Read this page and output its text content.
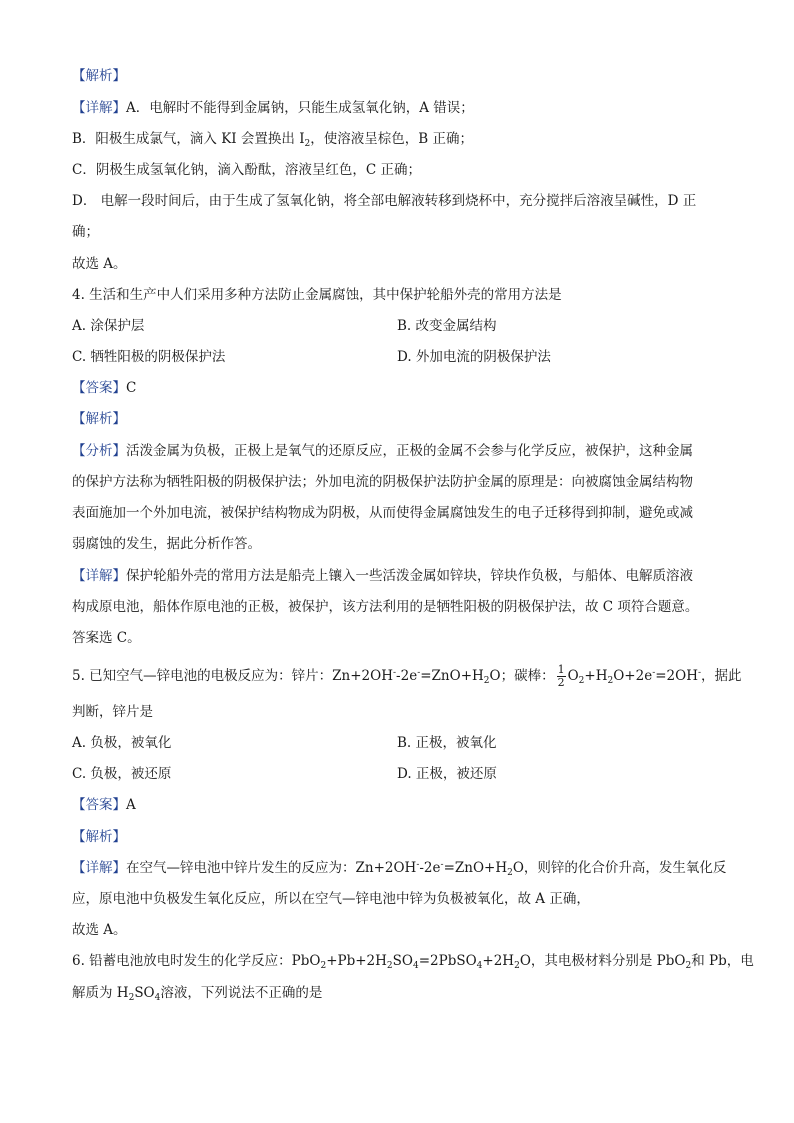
【解析】
【详解】A．电解时不能得到金属钠，只能生成氢氧化钠，A 错误；
B．阳极生成氯气，滴入 KI 会置换出 $I_2$，使溶液呈棕色，B 正确；
C．阴极生成氢氧化钠，滴入酚酞，溶液呈红色，C 正确；
D． 电解一段时间后，由于生成了氢氧化钠，将全部电解液转移到烧杯中，充分搅拌后溶液呈碱性，D 正
确；
故选 A。
4. 生活和生产中人们采用多种方法防止金属腐蚀，其中保护轮船外壳的常用方法是
A. 涂保护层	B. 改变金属结构
C. 牺牲阳极的阴极保护法	D. 外加电流的阴极保护法
【答案】C
【解析】
【分析】活泼金属为负极，正极上是氧气的还原反应，正极的金属不会参与化学反应，被保护，这种金属
的保护方法称为牺牲阳极的阴极保护法；外加电流的阴极保护法防护金属的原理是：向被腐蚀金属结构物
表面施加一个外加电流，被保护结构物成为阴极，从而使得金属腐蚀发生的电子迁移得到抑制，避免或减
弱腐蚀的发生，据此分析作答。
【详解】保护轮船外壳的常用方法是船壳上镶入一些活泼金属如锌块，锌块作负极，与船体、电解质溶液
构成原电池，船体作原电池的正极，被保护，该方法利用的是牺牲阳极的阴极保护法，故 C 项符合题意。
答案选 C。
5. 已知空气—锌电池的电极反应为：锌片：$Zn+2OH^--2e^-=ZnO+H_2O$；碳棒： $\frac{1}{2} O_2+H_2O+2e^-=2OH^-$，据此
判断，锌片是
A. 负极，被氧化	B. 正极，被氧化
C. 负极，被还原	D. 正极，被还原
【答案】A
【解析】
【详解】在空气—锌电池中锌片发生的反应为：$Zn+2OH^--2e^-=ZnO+H_2O$，则锌的化合价升高，发生氧化反
应，原电池中负极发生氧化反应，所以在空气—锌电池中锌为负极被氧化，故 A 正确，
故选 A。
6. 铅蓄电池放电时发生的化学反应：$PbO_2+Pb+2H_2SO_4=2PbSO_4+2H_2O$，其电极材料分别是 PbO$_2$和 Pb，电
解质为 $H_2SO_4$溶液，下列说法不正确的是
